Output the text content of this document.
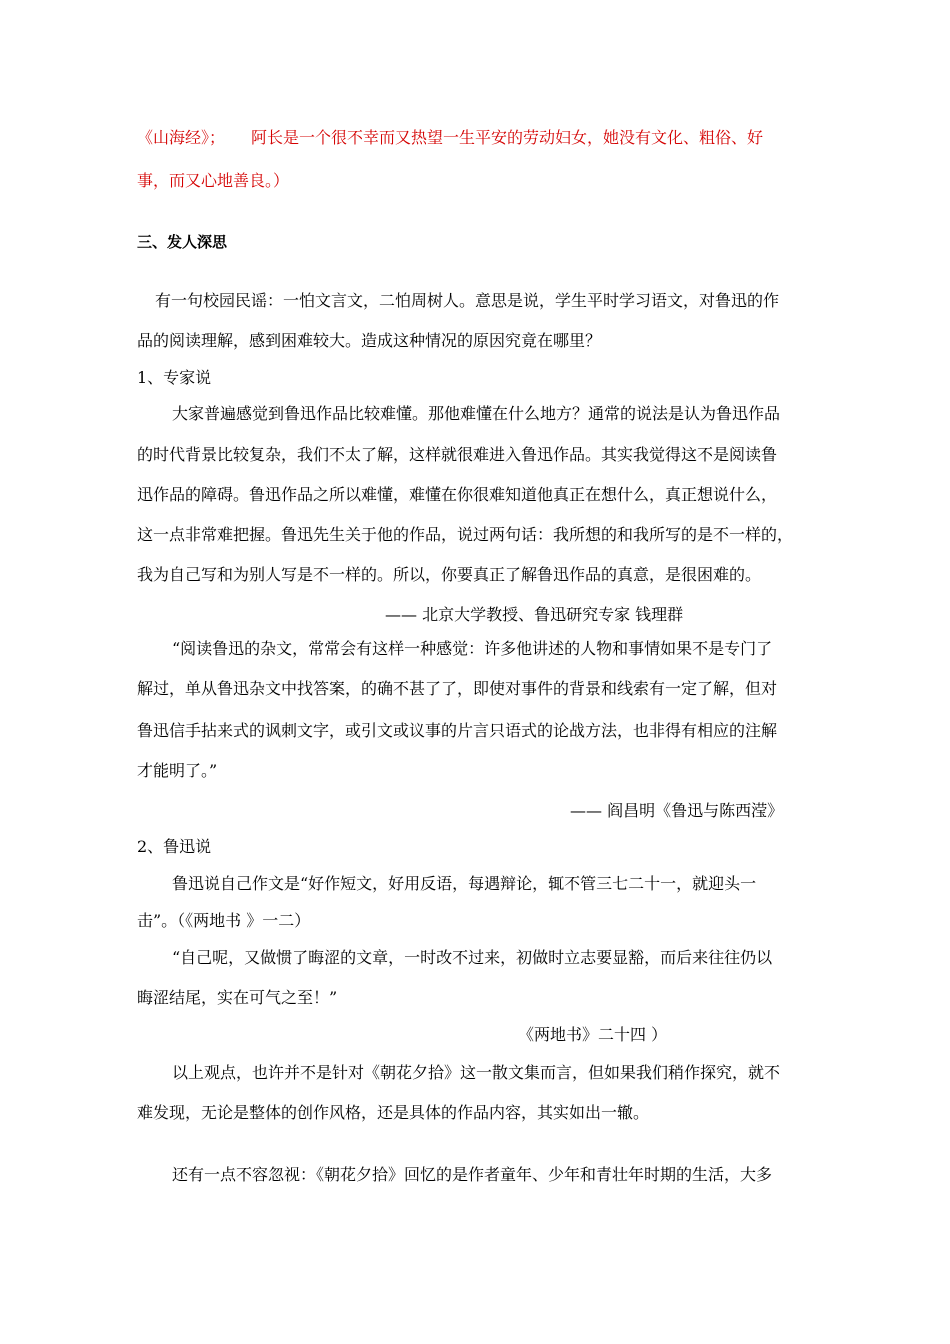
《山海经》； 阿长是一个很不幸而又热望一生平安的劳动妇女，她没有文化、粗俗、好
事，而又心地善良。）
三、发人深思
有一句校园民谣：一怕文言文，二怕周树人。意思是说，学生平时学习语文，对鲁迅的作
品的阅读理解，感到困难较大。造成这种情况的原因究竟在哪里？
1、专家说
大家普遍感觉到鲁迅作品比较难懂。那他难懂在什么地方？通常的说法是认为鲁迅作品
的时代背景比较复杂，我们不太了解，这样就很难进入鲁迅作品。其实我觉得这不是阅读鲁
迅作品的障碍。鲁迅作品之所以难懂，难懂在你很难知道他真正在想什么，真正想说什么，
这一点非常难把握。鲁迅先生关于他的作品，说过两句话：我所想的和我所写的是不一样的，
我为自己写和为别人写是不一样的。所以，你要真正了解鲁迅作品的真意，是很困难的。
—— 北京大学教授、鲁迅研究专家 钱理群
“阅读鲁迅的杂文，常常会有这样一种感觉：许多他讲述的人物和事情如果不是专门了
解过，单从鲁迅杂文中找答案，的确不甚了了，即使对事件的背景和线索有一定了解，但对
鲁迅信手拈来式的讽刺文字，或引文或议事的片言只语式的论战方法，也非得有相应的注解
才能明了。”
—— 阎昌明《鲁迅与陈西滢》
2、鲁迅说
鲁迅说自己作文是“好作短文，好用反语，每遇辩论，辄不管三七二十一，就迎头一
击”。（《两地书 》一二）
“自己呢，又做惯了晦涩的文章，一时改不过来，初做时立志要显豁，而后来往往仍以
晦涩结尾，实在可气之至！”
《两地书》二十四 ）
以上观点，也许并不是针对《朝花夕拾》这一散文集而言，但如果我们稍作探究，就不
难发现，无论是整体的创作风格，还是具体的作品内容，其实如出一辙。
还有一点不容忽视：《朝花夕拾》回忆的是作者童年、少年和青壮年时期的生活，大多
